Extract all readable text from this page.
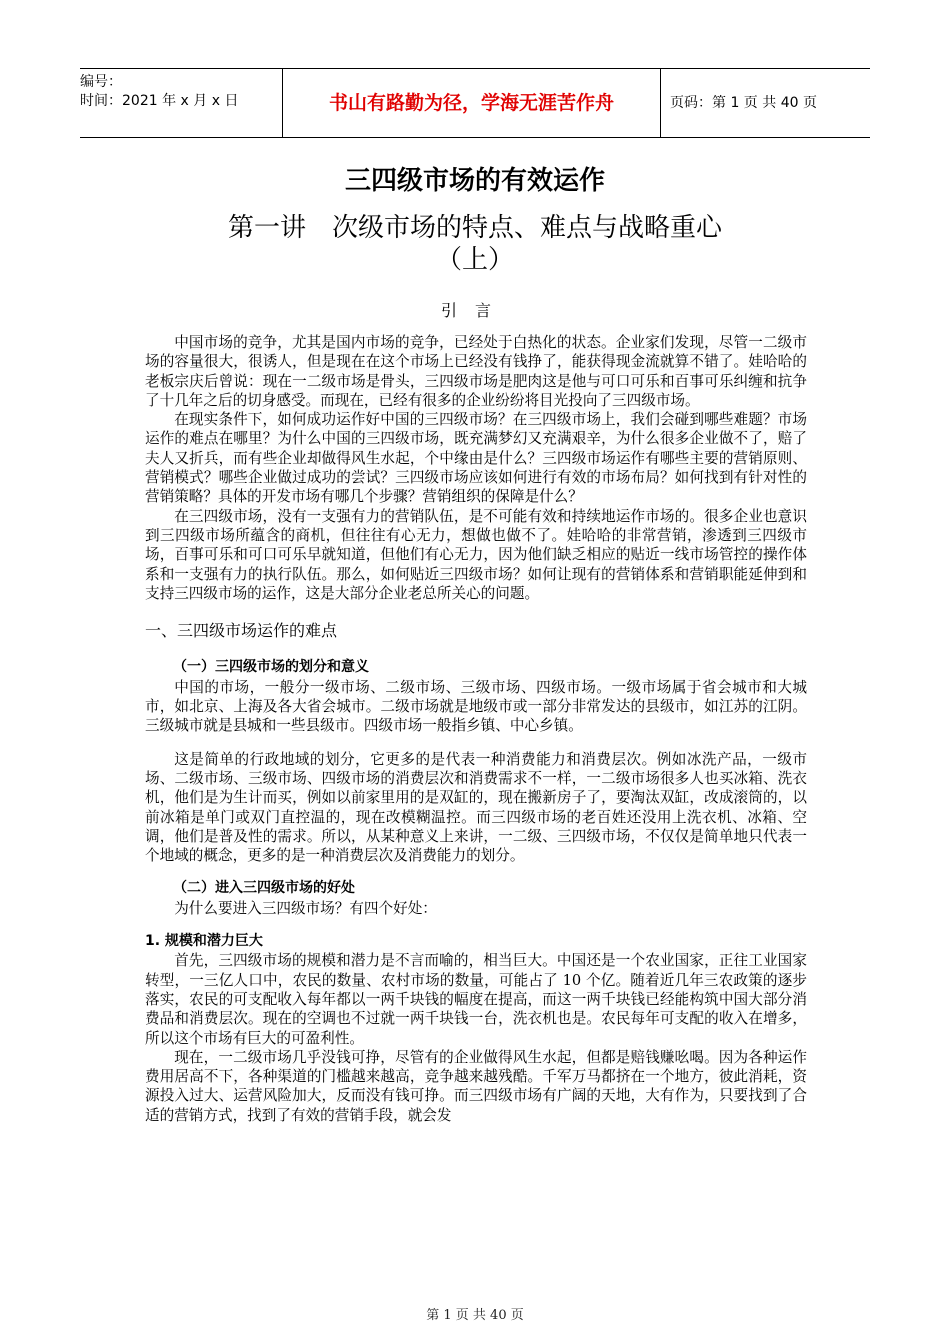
编号：
时间：2021 年 x 月 x 日	书山有路勤为径，学海无涯苦作舟	页码：第 1 页 共 40 页
三四级市场的有效运作
第一讲　次级市场的特点、难点与战略重心
（上）
引言

中国市场的竞争，尤其是国内市场的竞争，已经处于白热化的状态。企业家们发现，尽管一二级市场的容量很大，很诱人，但是现在在这个市场上已经没有钱挣了，能获得现金流就算不错了。娃哈哈的老板宗庆后曾说：现在一二级市场是骨头，三四级市场是肥肉这是他与可口可乐和百事可乐纠缠和抗争了十几年之后的切身感受。而现在，已经有很多的企业纷纷将目光投向了三四级市场。

在现实条件下，如何成功运作好中国的三四级市场？在三四级市场上，我们会碰到哪些难题？市场运作的难点在哪里？为什么中国的三四级市场，既充满梦幻又充满艰辛，为什么很多企业做不了，赔了夫人又折兵，而有些企业却做得风生水起，个中缘由是什么？三四级市场运作有哪些主要的营销原则、营销模式？哪些企业做过成功的尝试？三四级市场应该如何进行有效的市场布局？如何找到有针对性的营销策略？具体的开发市场有哪几个步骤？营销组织的保障是什么？

在三四级市场，没有一支强有力的营销队伍，是不可能有效和持续地运作市场的。很多企业也意识到三四级市场所蕴含的商机，但往往有心无力，想做也做不了。娃哈哈的非常营销，渗透到三四级市场，百事可乐和可口可乐早就知道，但他们有心无力，因为他们缺乏相应的贴近一线市场管控的操作体系和一支强有力的执行队伍。那么，如何贴近三四级市场？如何让现有的营销体系和营销职能延伸到和支持三四级市场的运作，这是大部分企业老总所关心的问题。

一、三四级市场运作的难点

（一）三四级市场的划分和意义

中国的市场，一般分一级市场、二级市场、三级市场、四级市场。一级市场属于省会城市和大城市，如北京、上海及各大省会城市。二级市场就是地级市或一部分非常发达的县级市，如江苏的江阴。三级城市就是县城和一些县级市。四级市场一般指乡镇、中心乡镇。

这是简单的行政地域的划分，它更多的是代表一种消费能力和消费层次。例如冰洗产品，一级市场、二级市场、三级市场、四级市场的消费层次和消费需求不一样，一二级市场很多人也买冰箱、洗衣机，他们是为生计而买，例如以前家里用的是双缸的，现在搬新房子了，要淘汰双缸，改成滚筒的，以前冰箱是单门或双门直控温的，现在改模糊温控。而三四级市场的老百姓还没用上洗衣机、冰箱、空调，他们是普及性的需求。所以，从某种意义上来讲，一二级、三四级市场，不仅仅是简单地只代表一个地域的概念，更多的是一种消费层次及消费能力的划分。

（二）进入三四级市场的好处

为什么要进入三四级市场？有四个好处：

1. 规模和潜力巨大

首先，三四级市场的规模和潜力是不言而喻的，相当巨大。中国还是一个农业国家，正往工业国家转型，一三亿人口中，农民的数量、农村市场的数量，可能占了 10 个亿。随着近几年三农政策的逐步落实，农民的可支配收入每年都以一两千块钱的幅度在提高，而这一两千块钱已经能构筑中国大部分消费品和消费层次。现在的空调也不过就一两千块钱一台，洗衣机也是。农民每年可支配的收入在增多，所以这个市场有巨大的可盈利性。

现在，一二级市场几乎没钱可挣，尽管有的企业做得风生水起，但都是赔钱赚吆喝。因为各种运作费用居高不下，各种渠道的门槛越来越高，竞争越来越残酷。千军万马都挤在一个地方，彼此消耗，资源投入过大、运营风险加大，反而没有钱可挣。而三四级市场有广阔的天地，大有作为，只要找到了合适的营销方式，找到了有效的营销手段，就会发

第 1 页 共 40 页
